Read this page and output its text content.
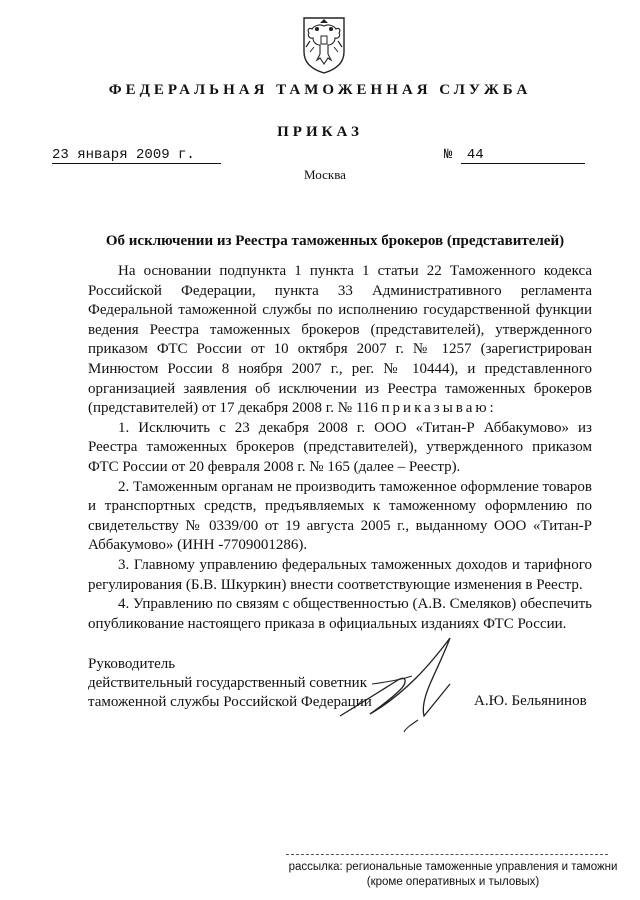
ФЕДЕРАЛЬНАЯ ТАМОЖЕННАЯ СЛУЖБА
ПРИКАЗ
23 января 2009 г.	№ 44
Москва
Об исключении из Реестра таможенных брокеров (представителей)

На основании подпункта 1 пункта 1 статьи 22 Таможенного кодекса Российской Федерации, пункта 33 Административного регламента Федеральной таможенной службы по исполнению государственной функции ведения Реестра таможенных брокеров (представителей), утвержденного приказом ФТС России от 10 октября 2007 г. № 1257 (зарегистрирован Минюстом России 8 ноября 2007 г., рег. № 10444), и представленного организацией заявления об исключении из Реестра таможенных брокеров (представителей) от 17 декабря 2008 г. № 116 приказываю:

1. Исключить с 23 декабря 2008 г. ООО «Титан-Р Аббакумово» из Реестра таможенных брокеров (представителей), утвержденного приказом ФТС России от 20 февраля 2008 г. № 165 (далее – Реестр).

2. Таможенным органам не производить таможенное оформление товаров и транспортных средств, предъявляемых к таможенному оформлению по свидетельству № 0339/00 от 19 августа 2005 г., выданному ООО «Титан-Р Аббакумово» (ИНН -7709001286).

3. Главному управлению федеральных таможенных доходов и тарифного регулирования (Б.В. Шкуркин) внести соответствующие изменения в Реестр.

4. Управлению по связям с общественностью (А.В. Смеляков) обеспечить опубликование настоящего приказа в официальных изданиях ФТС России.

Руководитель
действительный государственный советник
таможенной службы Российской Федерации	А.Ю. Бельянинов
рассылка: региональные таможенные управления и таможни (кроме оперативных и тыловых)
